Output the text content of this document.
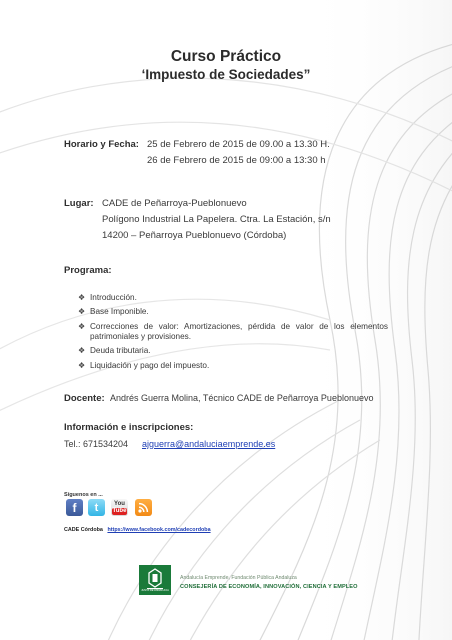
Curso Práctico
‘Impuesto de Sociedades”
Horario y Fecha: 25 de Febrero de 2015 de 09.00 a 13.30 H.
26 de Febrero de 2015 de 09:00 a 13:30 h
Lugar: CADE de Peñarroya-Pueblonuevo
Polígono Industrial La Papelera. Ctra. La Estación, s/n
14200 – Peñarroya Pueblonuevo (Córdoba)
Programa:
❖ Introducción.
❖ Base Imponible.
❖ Correcciones de valor: Amortizaciones, pérdida de valor de los elementos patrimoniales y provisiones.
❖ Deuda tributaria.
❖ Liquidación y pago del impuesto.
Docente: Andrés Guerra Molina, Técnico CADE de Peñarroya Pueblonuevo
Información e inscripciones:
Tel.: 671534204 ajguerra@andaluciaemprende.es
Síguenos en ...
f	t	You
Tube
CADE Córdoba https://www.facebook.com/cadecordoba
JUNTA DE ANDALUCIA
Andalucía Emprende, Fundación Pública Andaluza
CONSEJERÍA DE ECONOMÍA, INNOVACIÓN, CIENCIA Y EMPLEO
